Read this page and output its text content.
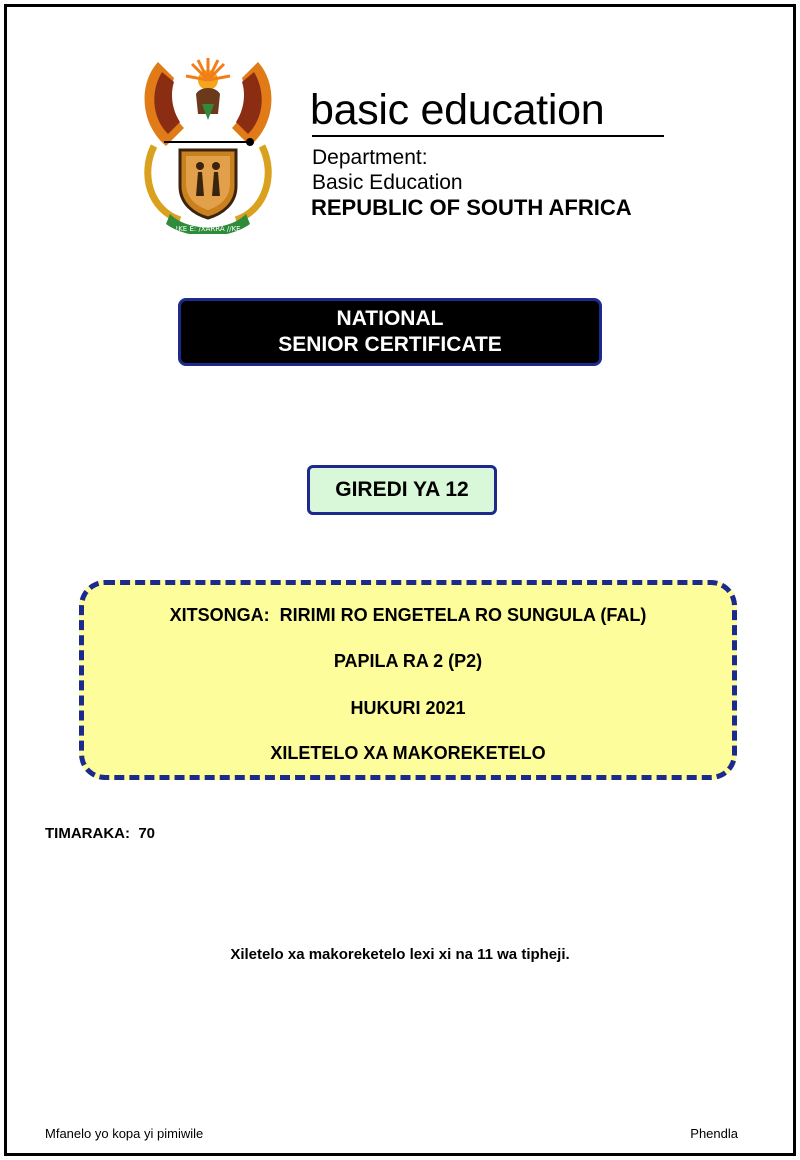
!KE E: /XARRA //KE
basic education
Department:
Basic Education
REPUBLIC OF SOUTH AFRICA
NATIONAL
SENIOR CERTIFICATE
GIREDI YA 12
XITSONGA:  RIRIMI RO ENGETELA RO SUNGULA (FAL)
PAPILA RA 2 (P2)
HUKURI 2021
XILETELO XA MAKOREKETELO
TIMARAKA: 70
Xiletelo xa makoreketelo lexi xi na 11 wa tipheji.
Mfanelo yo kopa yi pimiwile	Phendla
